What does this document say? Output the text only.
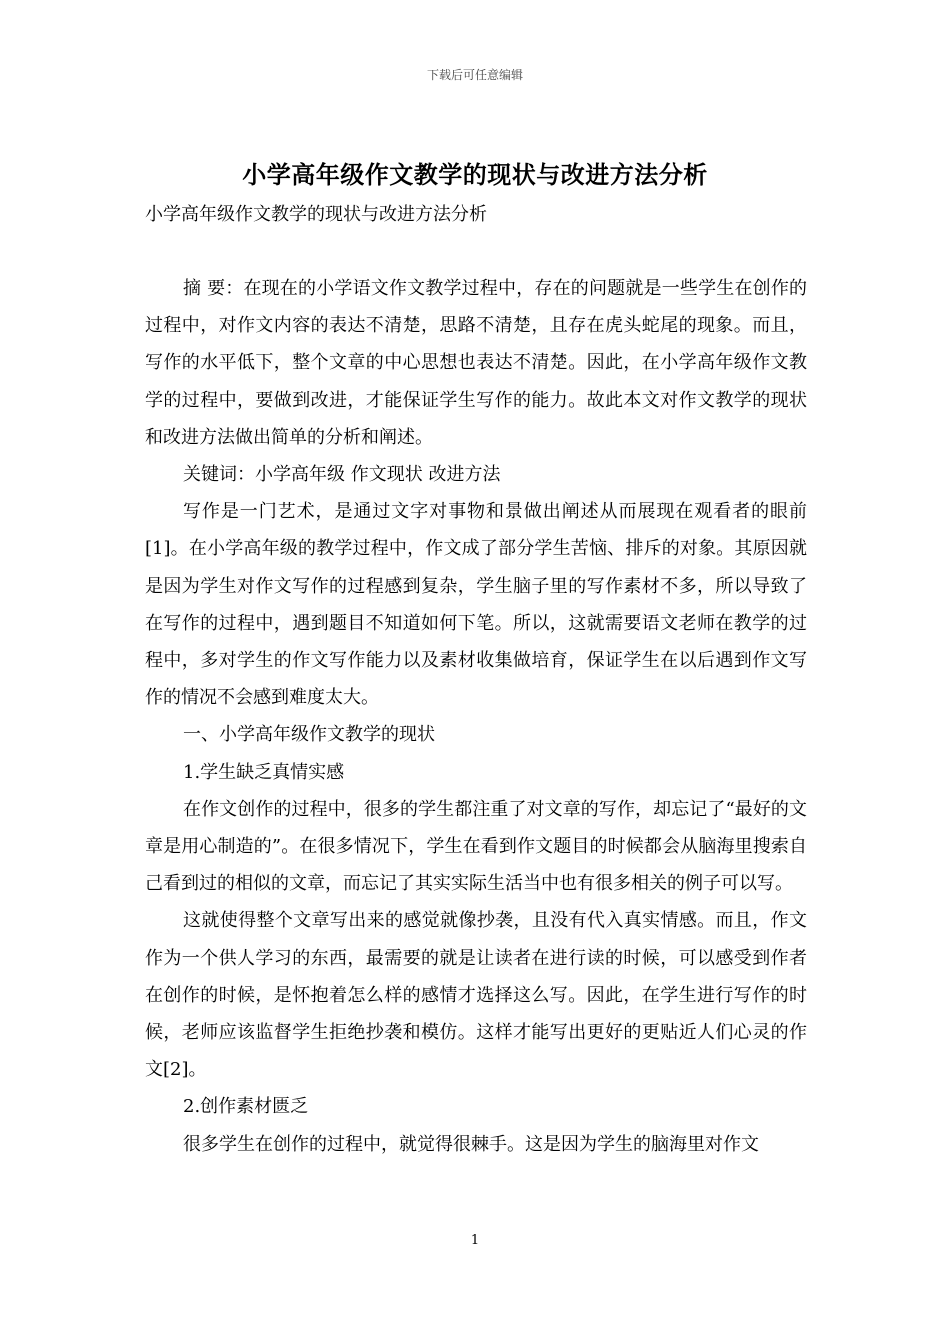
下载后可任意编辑
小学高年级作文教学的现状与改进方法分析
小学高年级作文教学的现状与改进方法分析

摘 要：在现在的小学语文作文教学过程中，存在的问题就是一些学生在创作的过程中，对作文内容的表达不清楚，思路不清楚，且存在虎头蛇尾的现象。而且，写作的水平低下，整个文章的中心思想也表达不清楚。因此，在小学高年级作文教学的过程中，要做到改进，才能保证学生写作的能力。故此本文对作文教学的现状和改进方法做出简单的分析和阐述。

关键词：小学高年级 作文现状 改进方法

写作是一门艺术，是通过文字对事物和景做出阐述从而展现在观看者的眼前[1]。在小学高年级的教学过程中，作文成了部分学生苦恼、排斥的对象。其原因就是因为学生对作文写作的过程感到复杂，学生脑子里的写作素材不多，所以导致了在写作的过程中，遇到题目不知道如何下笔。所以，这就需要语文老师在教学的过程中，多对学生的作文写作能力以及素材收集做培育，保证学生在以后遇到作文写作的情况不会感到难度太大。

一、小学高年级作文教学的现状

1.学生缺乏真情实感

在作文创作的过程中，很多的学生都注重了对文章的写作，却忘记了“最好的文章是用心制造的”。在很多情况下，学生在看到作文题目的时候都会从脑海里搜索自己看到过的相似的文章，而忘记了其实实际生活当中也有很多相关的例子可以写。

这就使得整个文章写出来的感觉就像抄袭，且没有代入真实情感。而且，作文作为一个供人学习的东西，最需要的就是让读者在进行读的时候，可以感受到作者在创作的时候，是怀抱着怎么样的感情才选择这么写。因此，在学生进行写作的时候，老师应该监督学生拒绝抄袭和模仿。这样才能写出更好的更贴近人们心灵的作文[2]。

2.创作素材匮乏

很多学生在创作的过程中，就觉得很棘手。这是因为学生的脑海里对作文

1
